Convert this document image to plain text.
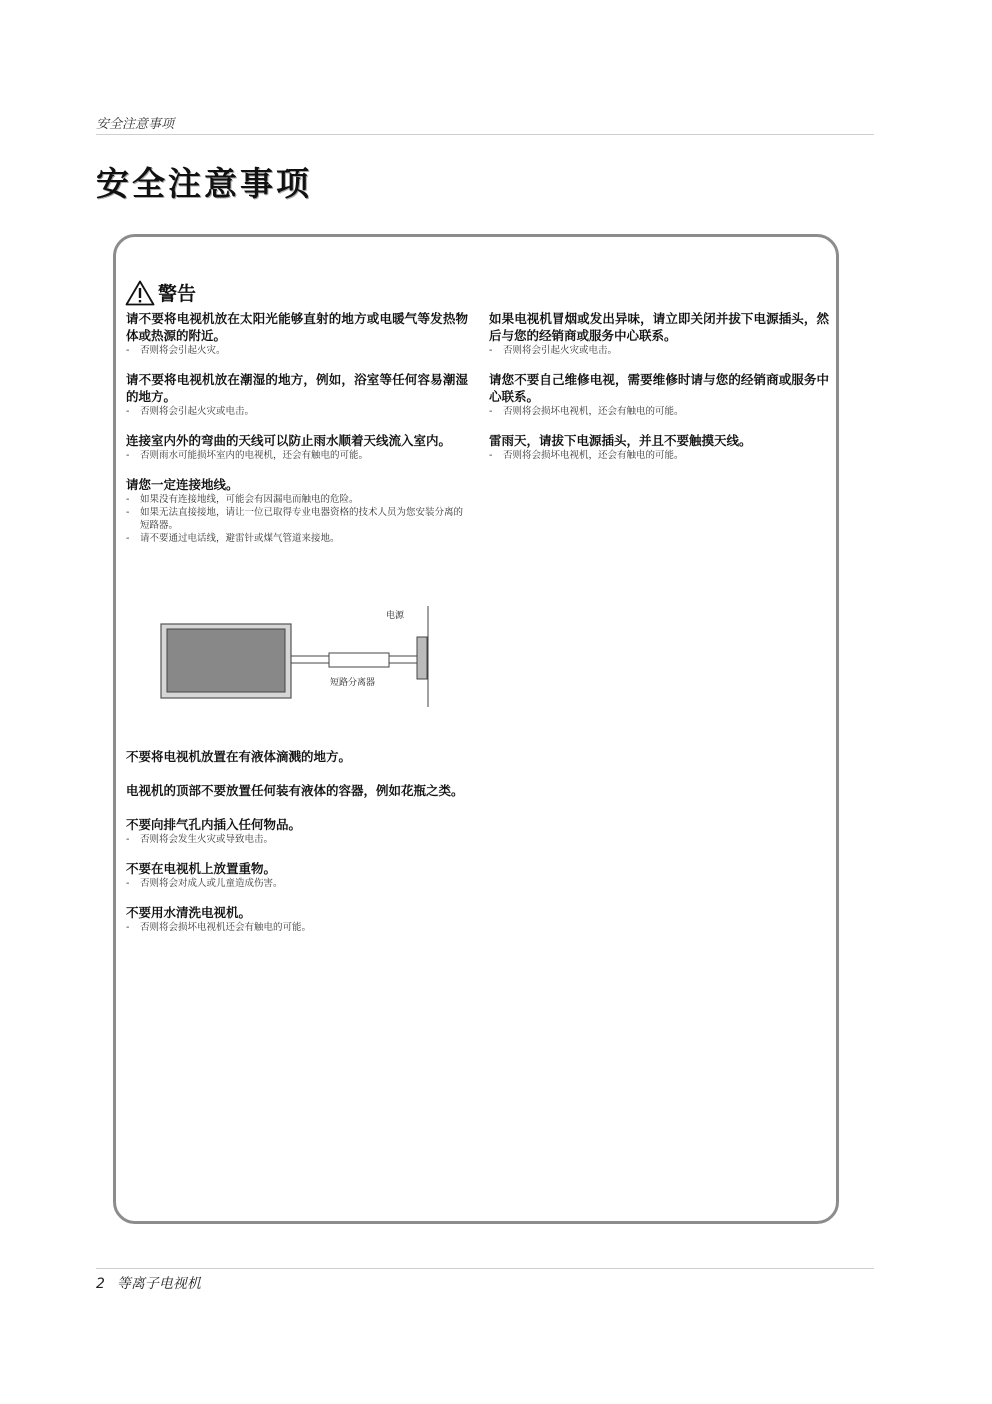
安全注意事项
安全注意事项
警告
请不要将电视机放在太阳光能够直射的地方或电暖气等发热物体或热源的附近。
-	否则将会引起火灾。
请不要将电视机放在潮湿的地方，例如，浴室等任何容易潮湿的地方。
-	否则将会引起火灾或电击。
连接室内外的弯曲的天线可以防止雨水顺着天线流入室内。
-	否则雨水可能损坏室内的电视机，还会有触电的可能。
请您一定连接地线。
-	如果没有连接地线，可能会有因漏电而触电的危险。
-	如果无法直接接地，请让一位已取得专业电器资格的技术人员为您安装分离的短路器。
-	请不要通过电话线，避雷针或煤气管道来接地。
电源
短路分离器
不要将电视机放置在有液体滴溅的地方。
电视机的顶部不要放置任何装有液体的容器，例如花瓶之类。
不要向排气孔内插入任何物品。
-	否则将会发生火灾或导致电击。
不要在电视机上放置重物。
-	否则将会对成人或儿童造成伤害。
不要用水清洗电视机。
-	否则将会损坏电视机还会有触电的可能。
如果电视机冒烟或发出异味，请立即关闭并拔下电源插头，然后与您的经销商或服务中心联系。
-	否则将会引起火灾或电击。
请您不要自己维修电视，需要维修时请与您的经销商或服务中心联系。
-	否则将会损坏电视机，还会有触电的可能。
雷雨天，请拔下电源插头，并且不要触摸天线。
-	否则将会损坏电视机，还会有触电的可能。
2 等离子电视机
